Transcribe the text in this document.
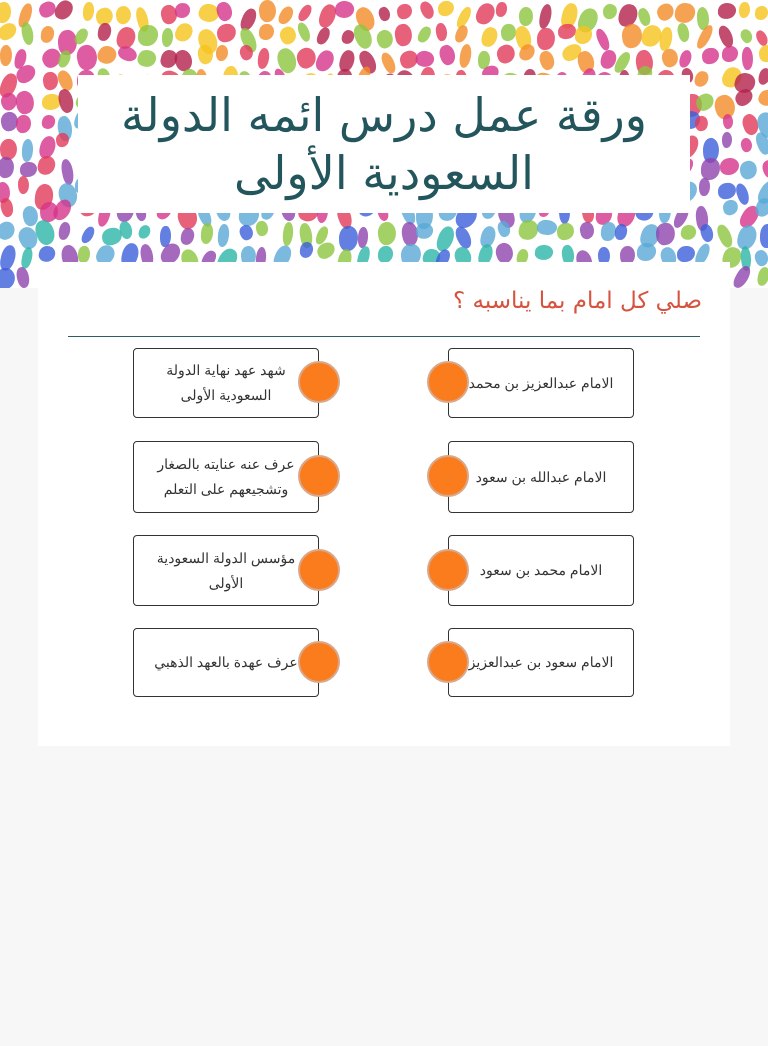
ورقة عمل درس ائمه الدولة السعودية الأولى
صلي كل امام بما يناسبه ؟
الامام عبدالعزيز بن محمد
شهد عهد نهاية الدولة السعودية الأولى
الامام عبدالله بن سعود
عرف عنه عنايته بالصغار وتشجيعهم على التعلم
الامام محمد بن سعود
مؤسس الدولة السعودية الأولى
الامام سعود بن عبدالعزيز
عرف عهدة بالعهد الذهبي
